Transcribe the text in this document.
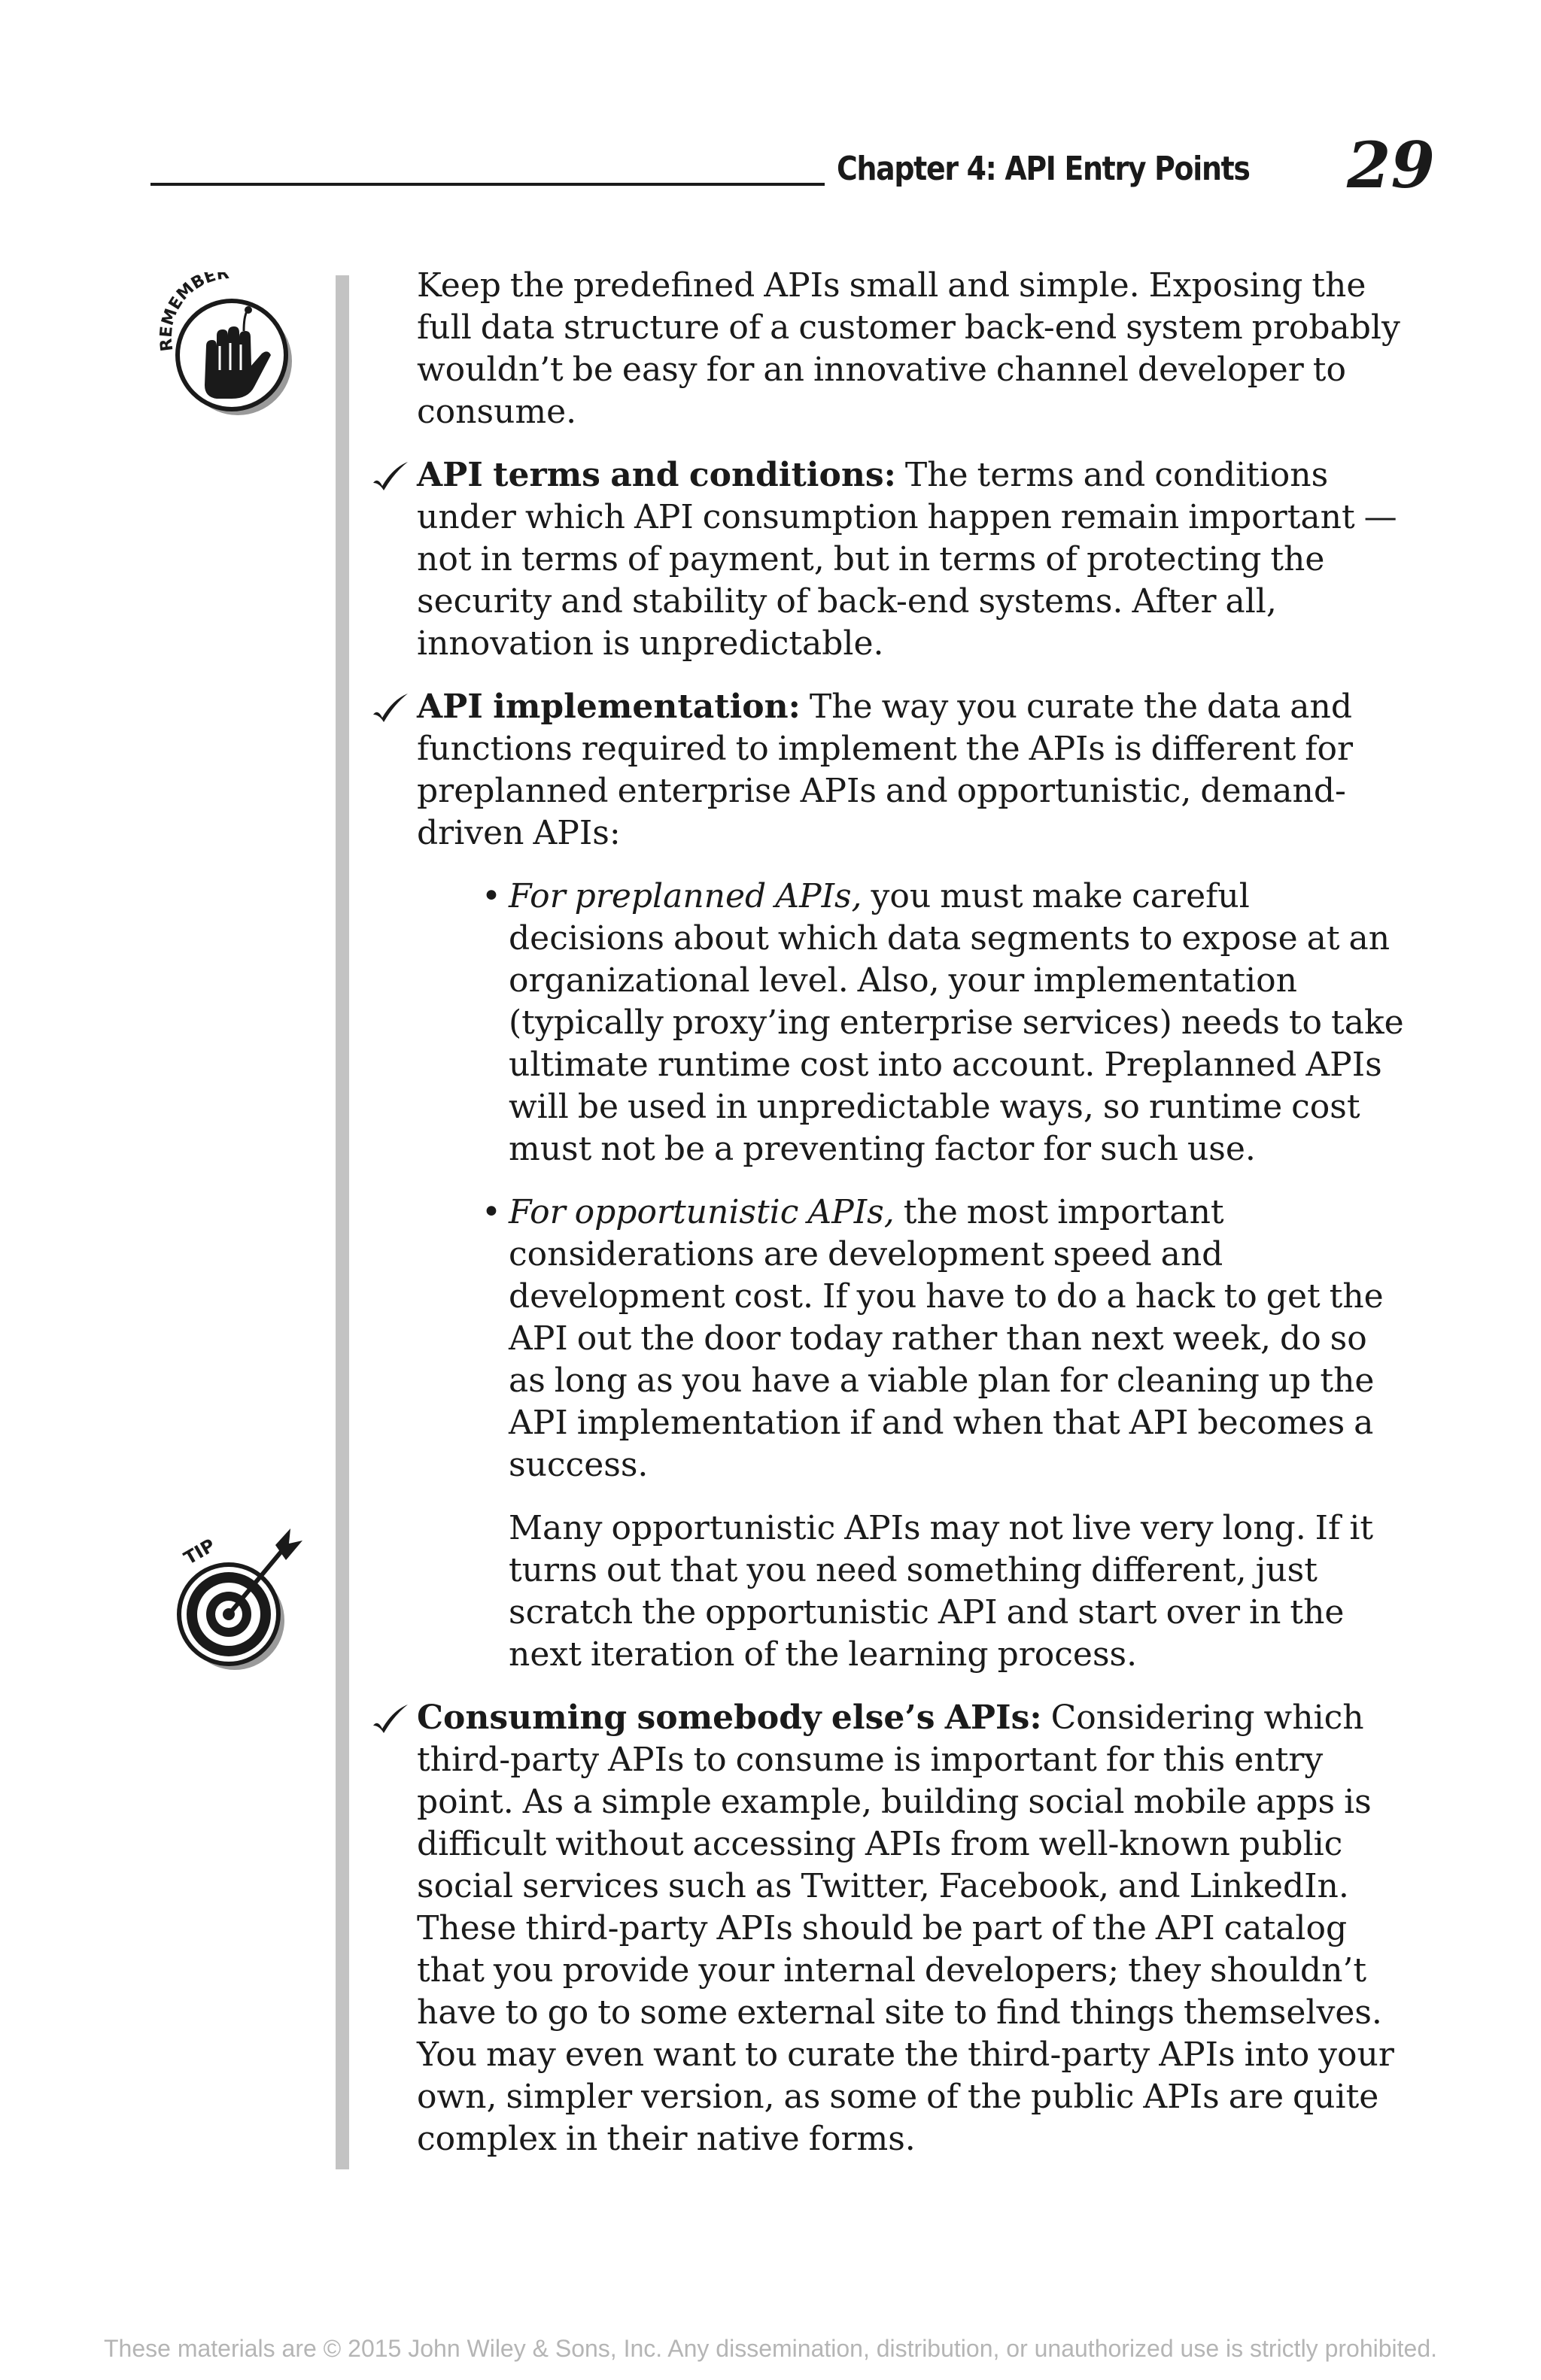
Chapter 4: API Entry Points 29
REMEMBER
TIP

Keep the predefined APIs small and simple. Exposing the full data structure of a customer back-end system probably wouldn’t be easy for an innovative channel developer to consume.

API terms and conditions: The terms and conditions under which API consumption happen remain important — not in terms of payment, but in terms of protecting the security and stability of back-end systems. After all, innovation is unpredictable.
API implementation: The way you curate the data and functions required to implement the APIs is different for preplanned enterprise APIs and opportunistic, demand-driven APIs:
• For preplanned APIs, you must make careful decisions about which data segments to expose at an organizational level. Also, your implementation (typically proxy’ing enterprise services) needs to take ultimate runtime cost into account. Preplanned APIs will be used in unpredictable ways, so runtime cost must not be a preventing factor for such use.
• For opportunistic APIs, the most important considerations are development speed and development cost. If you have to do a hack to get the API out the door today rather than next week, do so as long as you have a viable plan for cleaning up the API implementation if and when that API becomes a success.

Many opportunistic APIs may not live very long. If it turns out that you need something different, just scratch the opportunistic API and start over in the next iteration of the learning process.

Consuming somebody else’s APIs: Considering which third-party APIs to consume is important for this entry point. As a simple example, building social mobile apps is difficult without accessing APIs from well-known public social services such as Twitter, Facebook, and LinkedIn. These third-party APIs should be part of the API catalog that you provide your internal developers; they shouldn’t have to go to some external site to find things themselves. You may even want to curate the third-party APIs into your own, simpler version, as some of the public APIs are quite complex in their native forms.
These materials are © 2015 John Wiley & Sons, Inc. Any dissemination, distribution, or unauthorized use is strictly prohibited.
